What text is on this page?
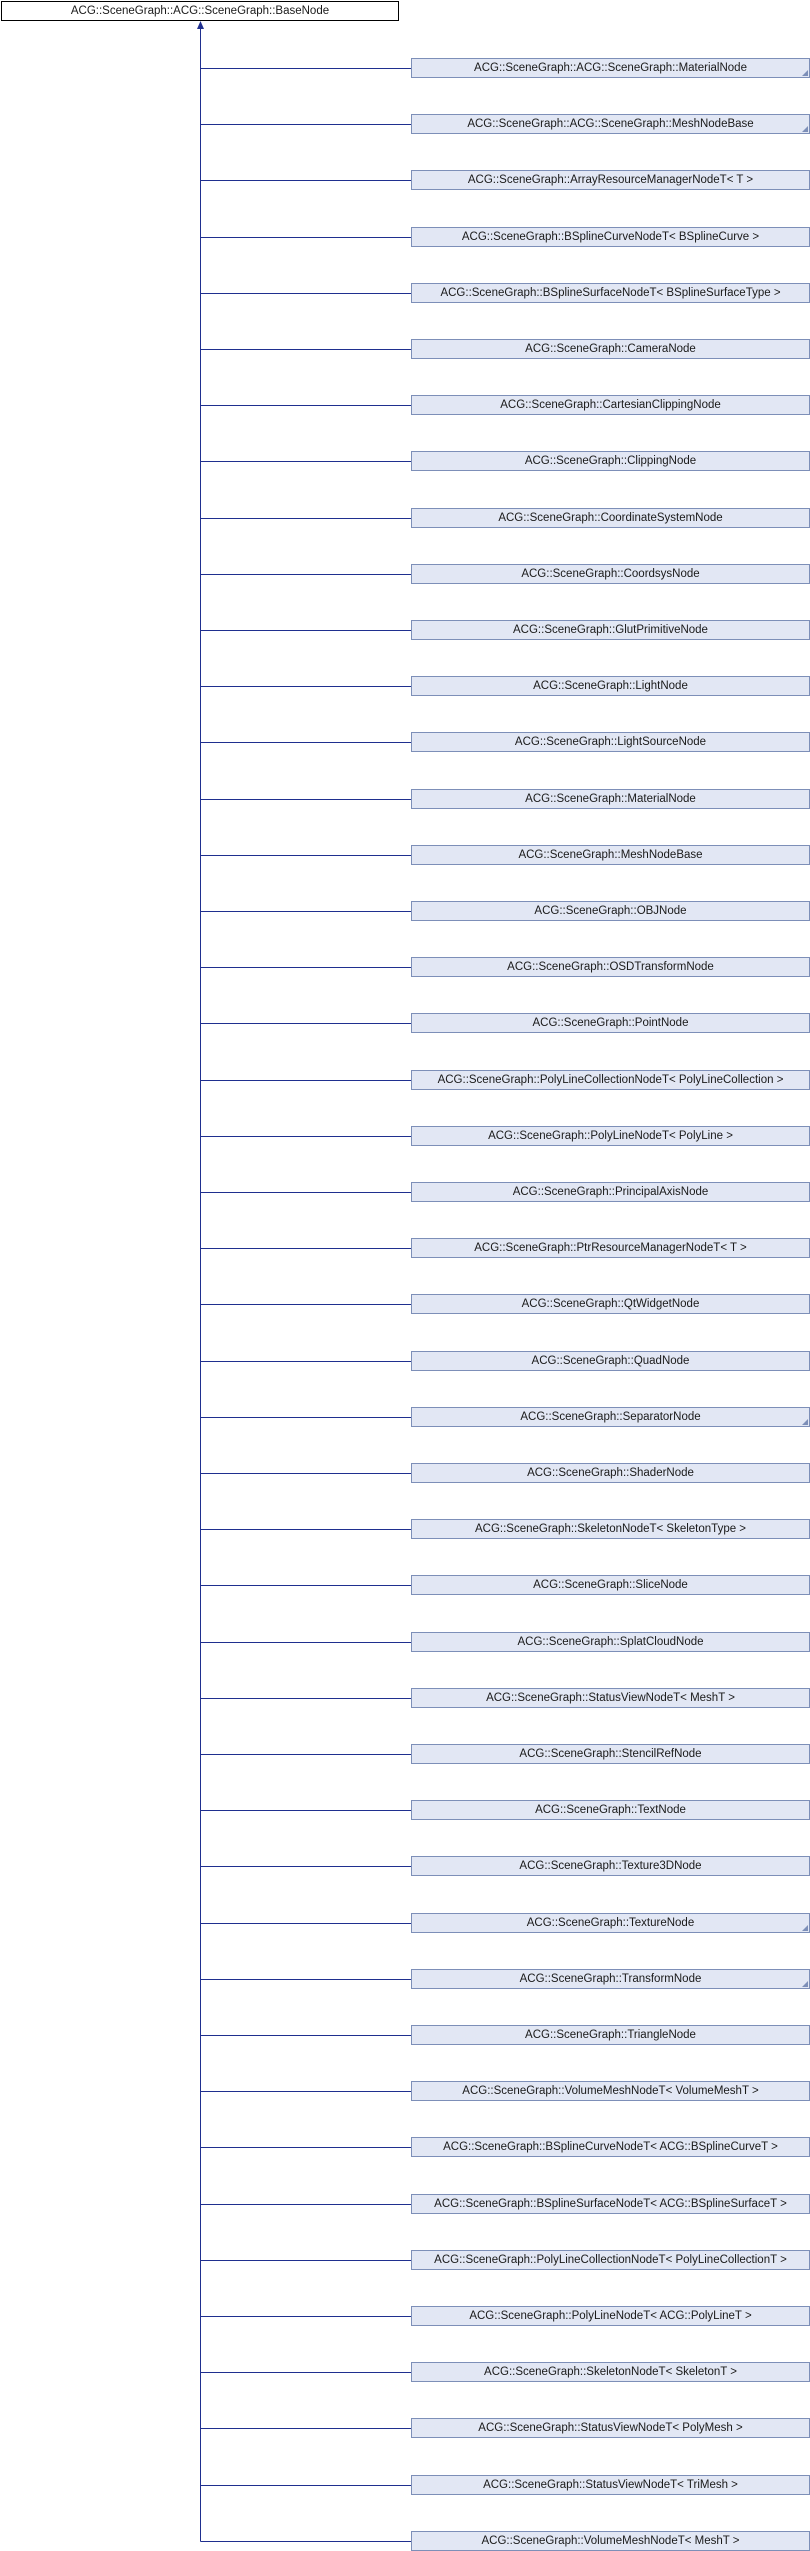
ACG::SceneGraph::ACG::SceneGraph::BaseNode
ACG::SceneGraph::ACG::SceneGraph::MaterialNode
ACG::SceneGraph::ACG::SceneGraph::MeshNodeBase
ACG::SceneGraph::ArrayResourceManagerNodeT< T >
ACG::SceneGraph::BSplineCurveNodeT< BSplineCurve >
ACG::SceneGraph::BSplineSurfaceNodeT< BSplineSurfaceType >
ACG::SceneGraph::CameraNode
ACG::SceneGraph::CartesianClippingNode
ACG::SceneGraph::ClippingNode
ACG::SceneGraph::CoordinateSystemNode
ACG::SceneGraph::CoordsysNode
ACG::SceneGraph::GlutPrimitiveNode
ACG::SceneGraph::LightNode
ACG::SceneGraph::LightSourceNode
ACG::SceneGraph::MaterialNode
ACG::SceneGraph::MeshNodeBase
ACG::SceneGraph::OBJNode
ACG::SceneGraph::OSDTransformNode
ACG::SceneGraph::PointNode
ACG::SceneGraph::PolyLineCollectionNodeT< PolyLineCollection >
ACG::SceneGraph::PolyLineNodeT< PolyLine >
ACG::SceneGraph::PrincipalAxisNode
ACG::SceneGraph::PtrResourceManagerNodeT< T >
ACG::SceneGraph::QtWidgetNode
ACG::SceneGraph::QuadNode
ACG::SceneGraph::SeparatorNode
ACG::SceneGraph::ShaderNode
ACG::SceneGraph::SkeletonNodeT< SkeletonType >
ACG::SceneGraph::SliceNode
ACG::SceneGraph::SplatCloudNode
ACG::SceneGraph::StatusViewNodeT< MeshT >
ACG::SceneGraph::StencilRefNode
ACG::SceneGraph::TextNode
ACG::SceneGraph::Texture3DNode
ACG::SceneGraph::TextureNode
ACG::SceneGraph::TransformNode
ACG::SceneGraph::TriangleNode
ACG::SceneGraph::VolumeMeshNodeT< VolumeMeshT >
ACG::SceneGraph::BSplineCurveNodeT< ACG::BSplineCurveT >
ACG::SceneGraph::BSplineSurfaceNodeT< ACG::BSplineSurfaceT >
ACG::SceneGraph::PolyLineCollectionNodeT< PolyLineCollectionT >
ACG::SceneGraph::PolyLineNodeT< ACG::PolyLineT >
ACG::SceneGraph::SkeletonNodeT< SkeletonT >
ACG::SceneGraph::StatusViewNodeT< PolyMesh >
ACG::SceneGraph::StatusViewNodeT< TriMesh >
ACG::SceneGraph::VolumeMeshNodeT< MeshT >
